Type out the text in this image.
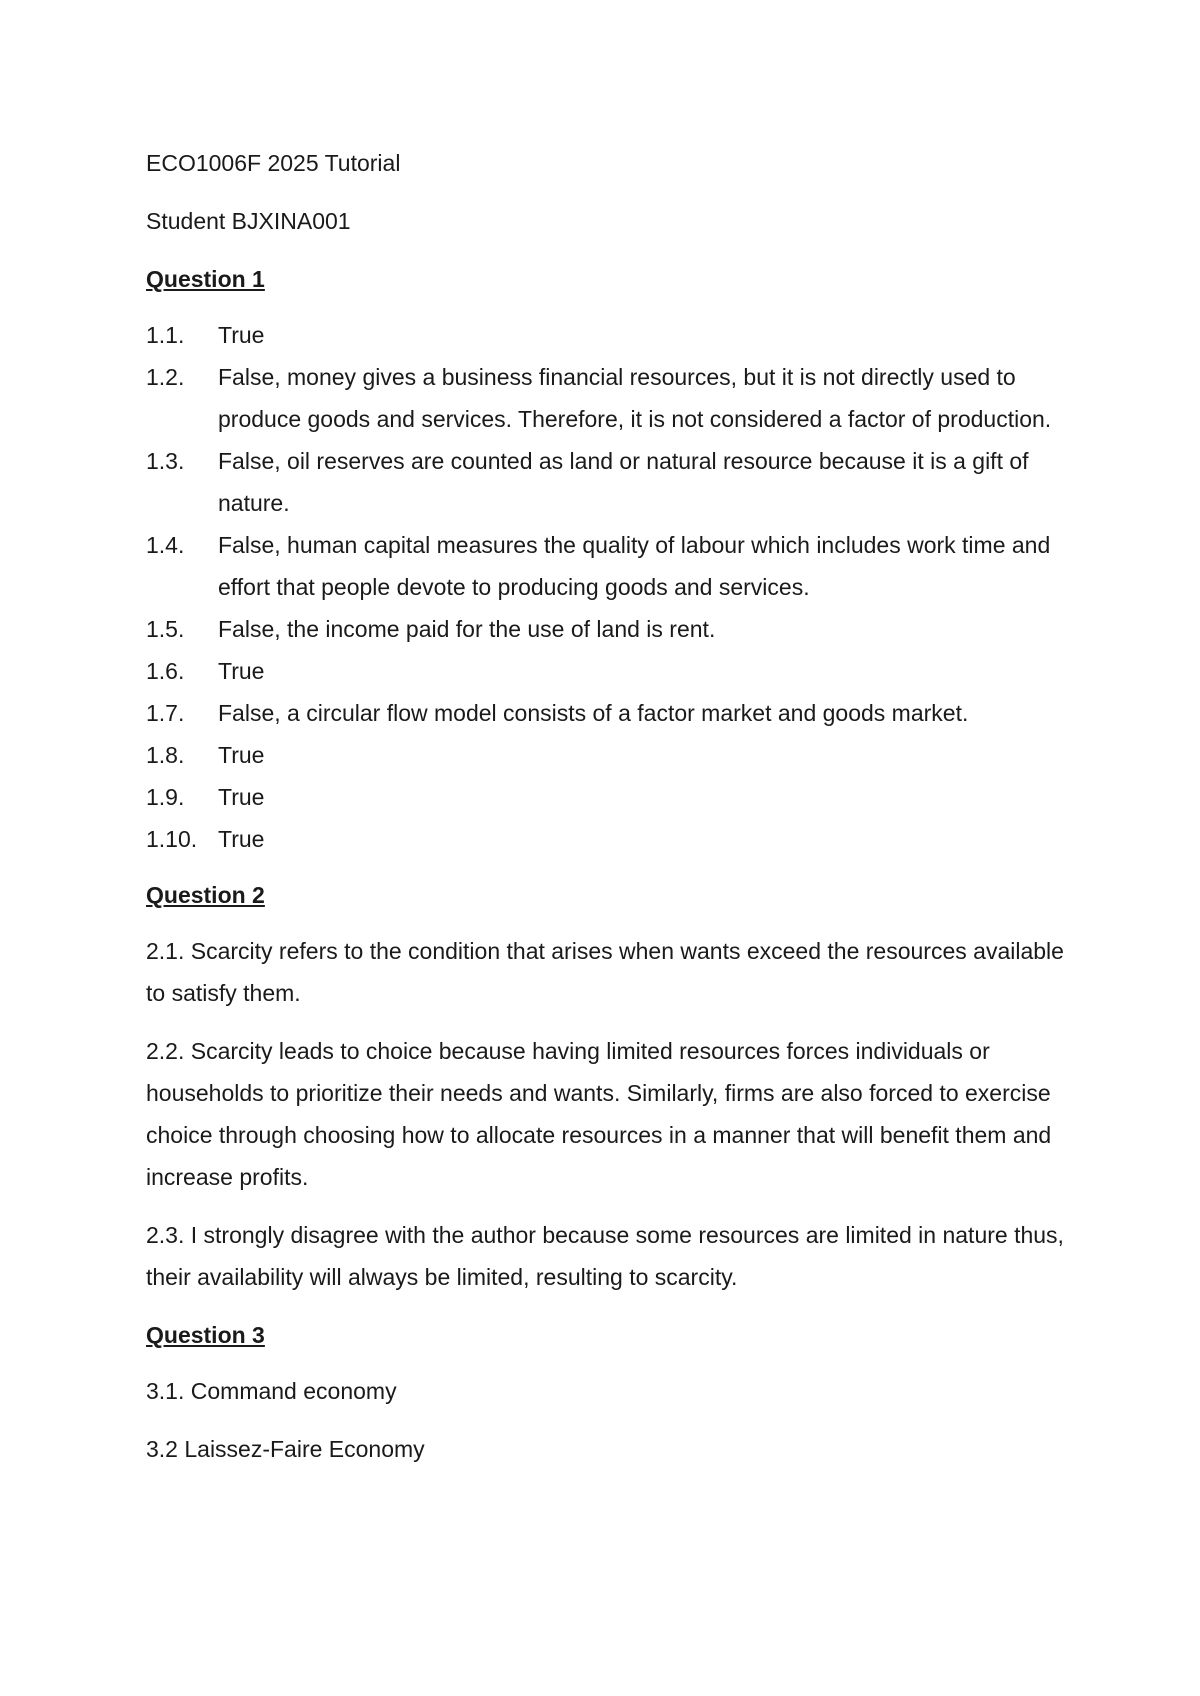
ECO1006F 2025 Tutorial

Student BJXINA001

Question 1

1.1.	True
1.2.	False, money gives a business financial resources, but it is not directly used to produce goods and services. Therefore, it is not considered a factor of production.
1.3.	False, oil reserves are counted as land or natural resource because it is a gift of nature.
1.4.	False, human capital measures the quality of labour which includes work time and effort that people devote to producing goods and services.
1.5.	False, the income paid for the use of land is rent.
1.6.	True
1.7.	False, a circular flow model consists of a factor market and goods market.
1.8.	True
1.9.	True
1.10. True

Question 2

2.1. Scarcity refers to the condition that arises when wants exceed the resources available to satisfy them.

2.2. Scarcity leads to choice because having limited resources forces individuals or households to prioritize their needs and wants. Similarly, firms are also forced to exercise choice through choosing how to allocate resources in a manner that will benefit them and increase profits.

2.3. I strongly disagree with the author because some resources are limited in nature thus, their availability will always be limited, resulting to scarcity.

Question 3

3.1. Command economy

3.2 Laissez-Faire Economy
